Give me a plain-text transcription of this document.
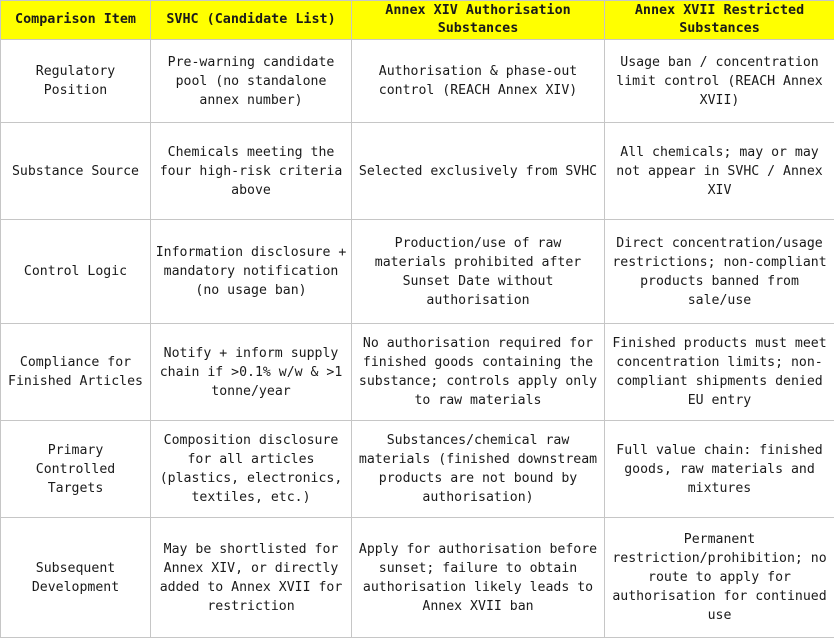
Comparison Item	SVHC (Candidate List)	Annex XIV Authorisation Substances	Annex XVII Restricted Substances
Regulatory Position	Pre-warning candidate pool (no standalone annex number)	Authorisation & phase-out control (REACH Annex XIV)	Usage ban / concentration limit control (REACH Annex XVII)
Substance Source	Chemicals meeting the four high-risk criteria above	Selected exclusively from SVHC	All chemicals; may or may not appear in SVHC / Annex XIV
Control Logic	Information disclosure + mandatory notification (no usage ban)	Production/use of raw materials prohibited after Sunset Date without authorisation	Direct concentration/usage restrictions; non-compliant products banned from sale/use
Compliance for Finished Articles	Notify + inform supply chain if >0.1% w/w & >1 tonne/year	No authorisation required for finished goods containing the substance; controls apply only to raw materials	Finished products must meet concentration limits; non-compliant shipments denied EU entry
Primary Controlled Targets	Composition disclosure for all articles (plastics, electronics, textiles, etc.)	Substances/chemical raw materials (finished downstream products are not bound by authorisation)	Full value chain: finished goods, raw materials and mixtures
Subsequent Development	May be shortlisted for Annex XIV, or directly added to Annex XVII for restriction	Apply for authorisation before sunset; failure to obtain authorisation likely leads to Annex XVII ban	Permanent restriction/prohibition; no route to apply for authorisation for continued use
